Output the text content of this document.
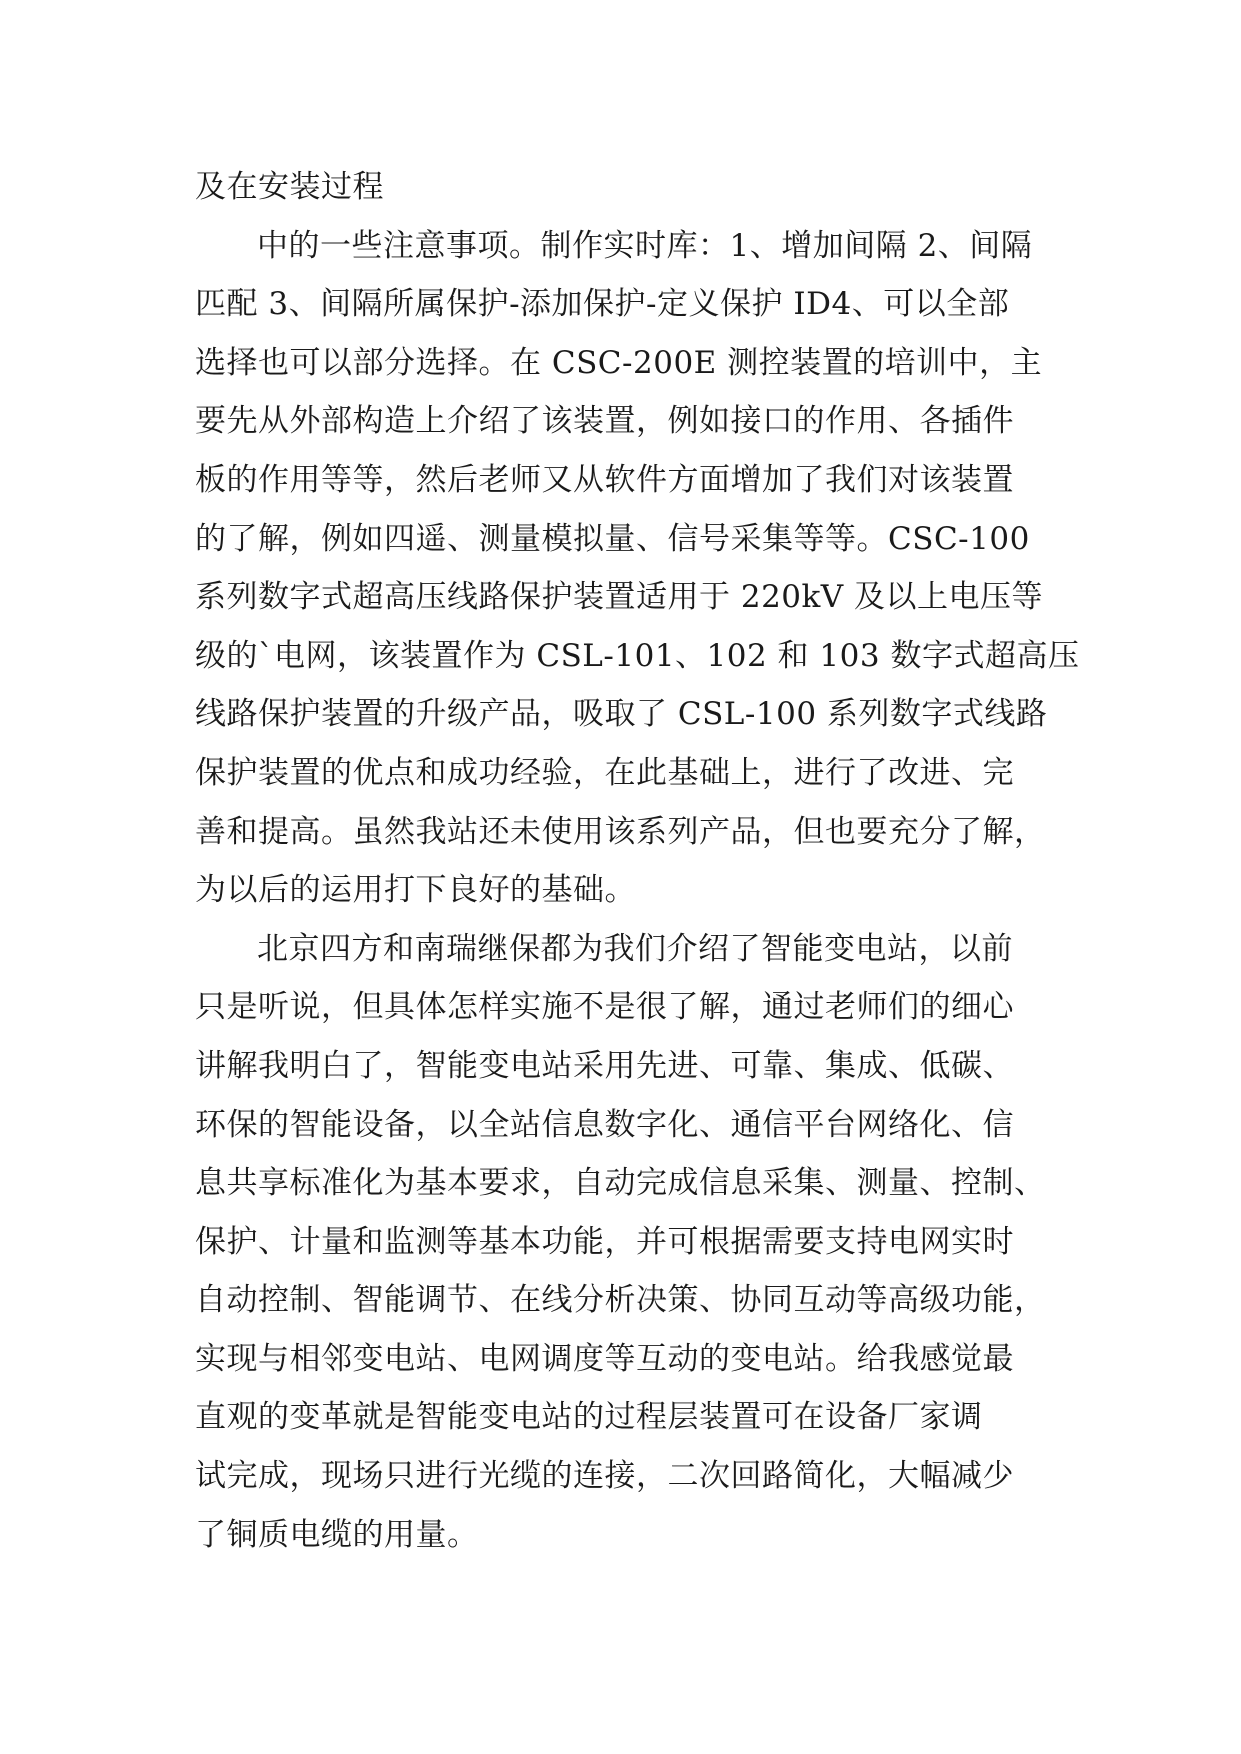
及在安装过程
中的一些注意事项。制作实时库：1、增加间隔 2、间隔
匹配 3、间隔所属保护-添加保护-定义保护 ID4、可以全部
选择也可以部分选择。在 CSC-200E 测控装置的培训中，主
要先从外部构造上介绍了该装置，例如接口的作用、各插件
板的作用等等，然后老师又从软件方面增加了我们对该装置
的了解，例如四遥、测量模拟量、信号采集等等。CSC-100
系列数字式超高压线路保护装置适用于 220kV 及以上电压等
级的`电网，该装置作为 CSL-101、102 和 103 数字式超高压
线路保护装置的升级产品，吸取了 CSL-100 系列数字式线路
保护装置的优点和成功经验，在此基础上，进行了改进、完
善和提高。虽然我站还未使用该系列产品，但也要充分了解，
为以后的运用打下良好的基础。
北京四方和南瑞继保都为我们介绍了智能变电站，以前
只是听说，但具体怎样实施不是很了解，通过老师们的细心
讲解我明白了，智能变电站采用先进、可靠、集成、低碳、
环保的智能设备，以全站信息数字化、通信平台网络化、信
息共享标准化为基本要求，自动完成信息采集、测量、控制、
保护、计量和监测等基本功能，并可根据需要支持电网实时
自动控制、智能调节、在线分析决策、协同互动等高级功能，
实现与相邻变电站、电网调度等互动的变电站。给我感觉最
直观的变革就是智能变电站的过程层装置可在设备厂家调
试完成，现场只进行光缆的连接，二次回路简化，大幅减少
了铜质电缆的用量。
